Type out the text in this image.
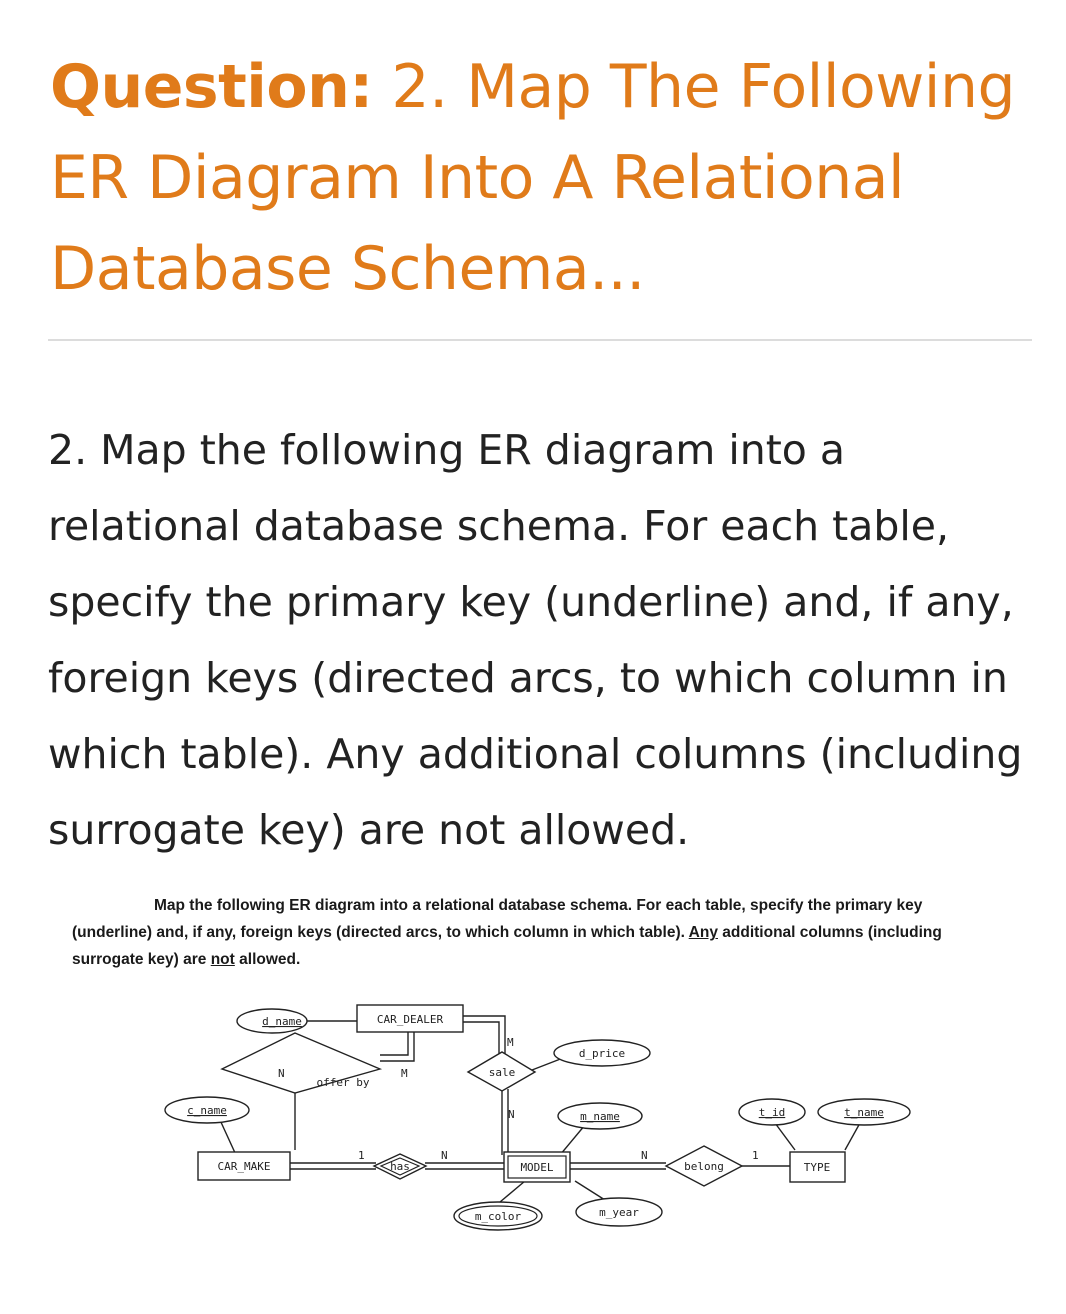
Question: 2. Map The Following ER Diagram Into A Relational Database Schema...

2. Map the following ER diagram into a relational database schema. For each table, specify the primary key (underline) and, if any, foreign keys (directed arcs, to which column in which table). Any additional columns (including surrogate key) are not allowed.

Map the following ER diagram into a relational database schema. For each table, specify the primary key (underline) and, if any, foreign keys (directed arcs, to which column in which table). Any additional columns (including surrogate key) are not allowed.
CAR_DEALER
CAR_MAKE	MODEL	TYPE
offer by
sale
has	belong
d_name
d_price
c_name	m_name	t_id	t_name
m_color	m_year
N	M
M
N
1	N	N	1
